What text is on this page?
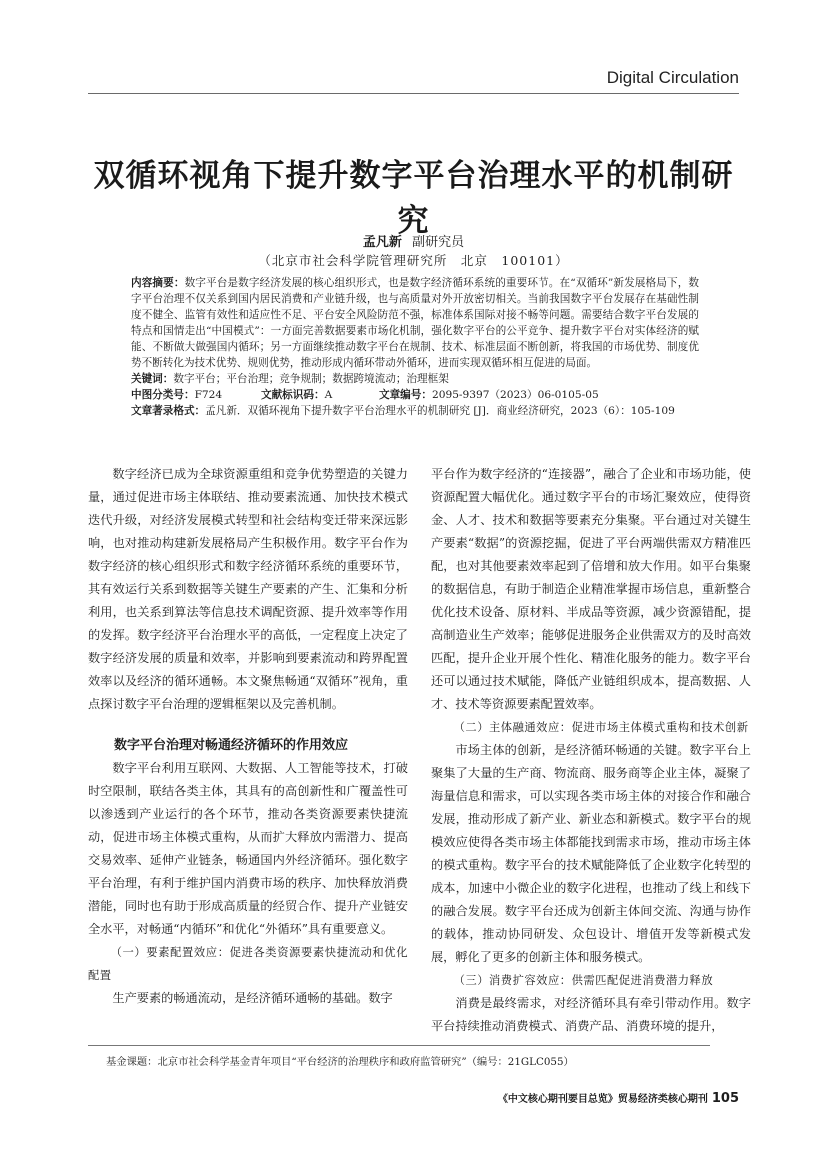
Digital Circulation
双循环视角下提升数字平台治理水平的机制研究
孟凡新 副研究员
（北京市社会科学院管理研究所　北京　100101）
内容摘要：数字平台是数字经济发展的核心组织形式，也是数字经济循环系统的重要环节。在“双循环”新发展格局下，数字平台治理不仅关系到国内居民消费和产业链升级，也与高质量对外开放密切相关。当前我国数字平台发展存在基础性制度不健全、监管有效性和适应性不足、平台安全风险防范不强，标准体系国际对接不畅等问题。需要结合数字平台发展的特点和国情走出“中国模式”：一方面完善数据要素市场化机制，强化数字平台的公平竞争、提升数字平台对实体经济的赋能、不断做大做强国内循环；另一方面继续推动数字平台在规制、技术、标准层面不断创新，将我国的市场优势、制度优势不断转化为技术优势、规则优势，推动形成内循环带动外循环，进而实现双循环相互促进的局面。
关键词：数字平台；平台治理；竞争规制；数据跨境流动；治理框架
中图分类号：F724	文献标识码：A	文章编号：2095-9397（2023）06-0105-05
文章著录格式：孟凡新．双循环视角下提升数字平台治理水平的机制研究 [J]．商业经济研究，2023（6）：105-109

数字经济已成为全球资源重组和竞争优势塑造的关键力量，通过促进市场主体联结、推动要素流通、加快技术模式迭代升级，对经济发展模式转型和社会结构变迁带来深远影响，也对推动构建新发展格局产生积极作用。数字平台作为数字经济的核心组织形式和数字经济循环系统的重要环节，其有效运行关系到数据等关键生产要素的产生、汇集和分析利用，也关系到算法等信息技术调配资源、提升效率等作用的发挥。数字经济平台治理水平的高低，一定程度上决定了数字经济发展的质量和效率，并影响到要素流动和跨界配置效率以及经济的循环通畅。本文聚焦畅通“双循环”视角，重点探讨数字平台治理的逻辑框架以及完善机制。

数字平台治理对畅通经济循环的作用效应

数字平台利用互联网、大数据、人工智能等技术，打破时空限制，联结各类主体，其具有的高创新性和广覆盖性可以渗透到产业运行的各个环节，推动各类资源要素快捷流动，促进市场主体模式重构，从而扩大释放内需潜力、提高交易效率、延伸产业链条，畅通国内外经济循环。强化数字平台治理，有利于维护国内消费市场的秩序、加快释放消费潜能，同时也有助于形成高质量的经贸合作、提升产业链安全水平，对畅通“内循环”和优化“外循环”具有重要意义。

（一）要素配置效应：促进各类资源要素快捷流动和优化配置

生产要素的畅通流动，是经济循环通畅的基础。数字

平台作为数字经济的“连接器”，融合了企业和市场功能，使资源配置大幅优化。通过数字平台的市场汇聚效应，使得资金、人才、技术和数据等要素充分集聚。平台通过对关键生产要素“数据”的资源挖掘，促进了平台两端供需双方精准匹配，也对其他要素效率起到了倍增和放大作用。如平台集聚的数据信息，有助于制造企业精准掌握市场信息，重新整合优化技术设备、原材料、半成品等资源，减少资源错配，提高制造业生产效率；能够促进服务企业供需双方的及时高效匹配，提升企业开展个性化、精准化服务的能力。数字平台还可以通过技术赋能，降低产业链组织成本，提高数据、人才、技术等资源要素配置效率。

（二）主体融通效应：促进市场主体模式重构和技术创新

市场主体的创新，是经济循环畅通的关键。数字平台上聚集了大量的生产商、物流商、服务商等企业主体，凝聚了海量信息和需求，可以实现各类市场主体的对接合作和融合发展，推动形成了新产业、新业态和新模式。数字平台的规模效应使得各类市场主体都能找到需求市场，推动市场主体的模式重构。数字平台的技术赋能降低了企业数字化转型的成本，加速中小微企业的数字化进程，也推动了线上和线下的融合发展。数字平台还成为创新主体间交流、沟通与协作的载体，推动协同研发、众包设计、增值开发等新模式发展，孵化了更多的创新主体和服务模式。

（三）消费扩容效应：供需匹配促进消费潜力释放

消费是最终需求，对经济循环具有牵引带动作用。数字平台持续推动消费模式、消费产品、消费环境的提升，

基金课题：北京市社会科学基金青年项目“平台经济的治理秩序和政府监管研究”（编号：21GLC055）
《中文核心期刊要目总览》贸易经济类核心期刊 105
